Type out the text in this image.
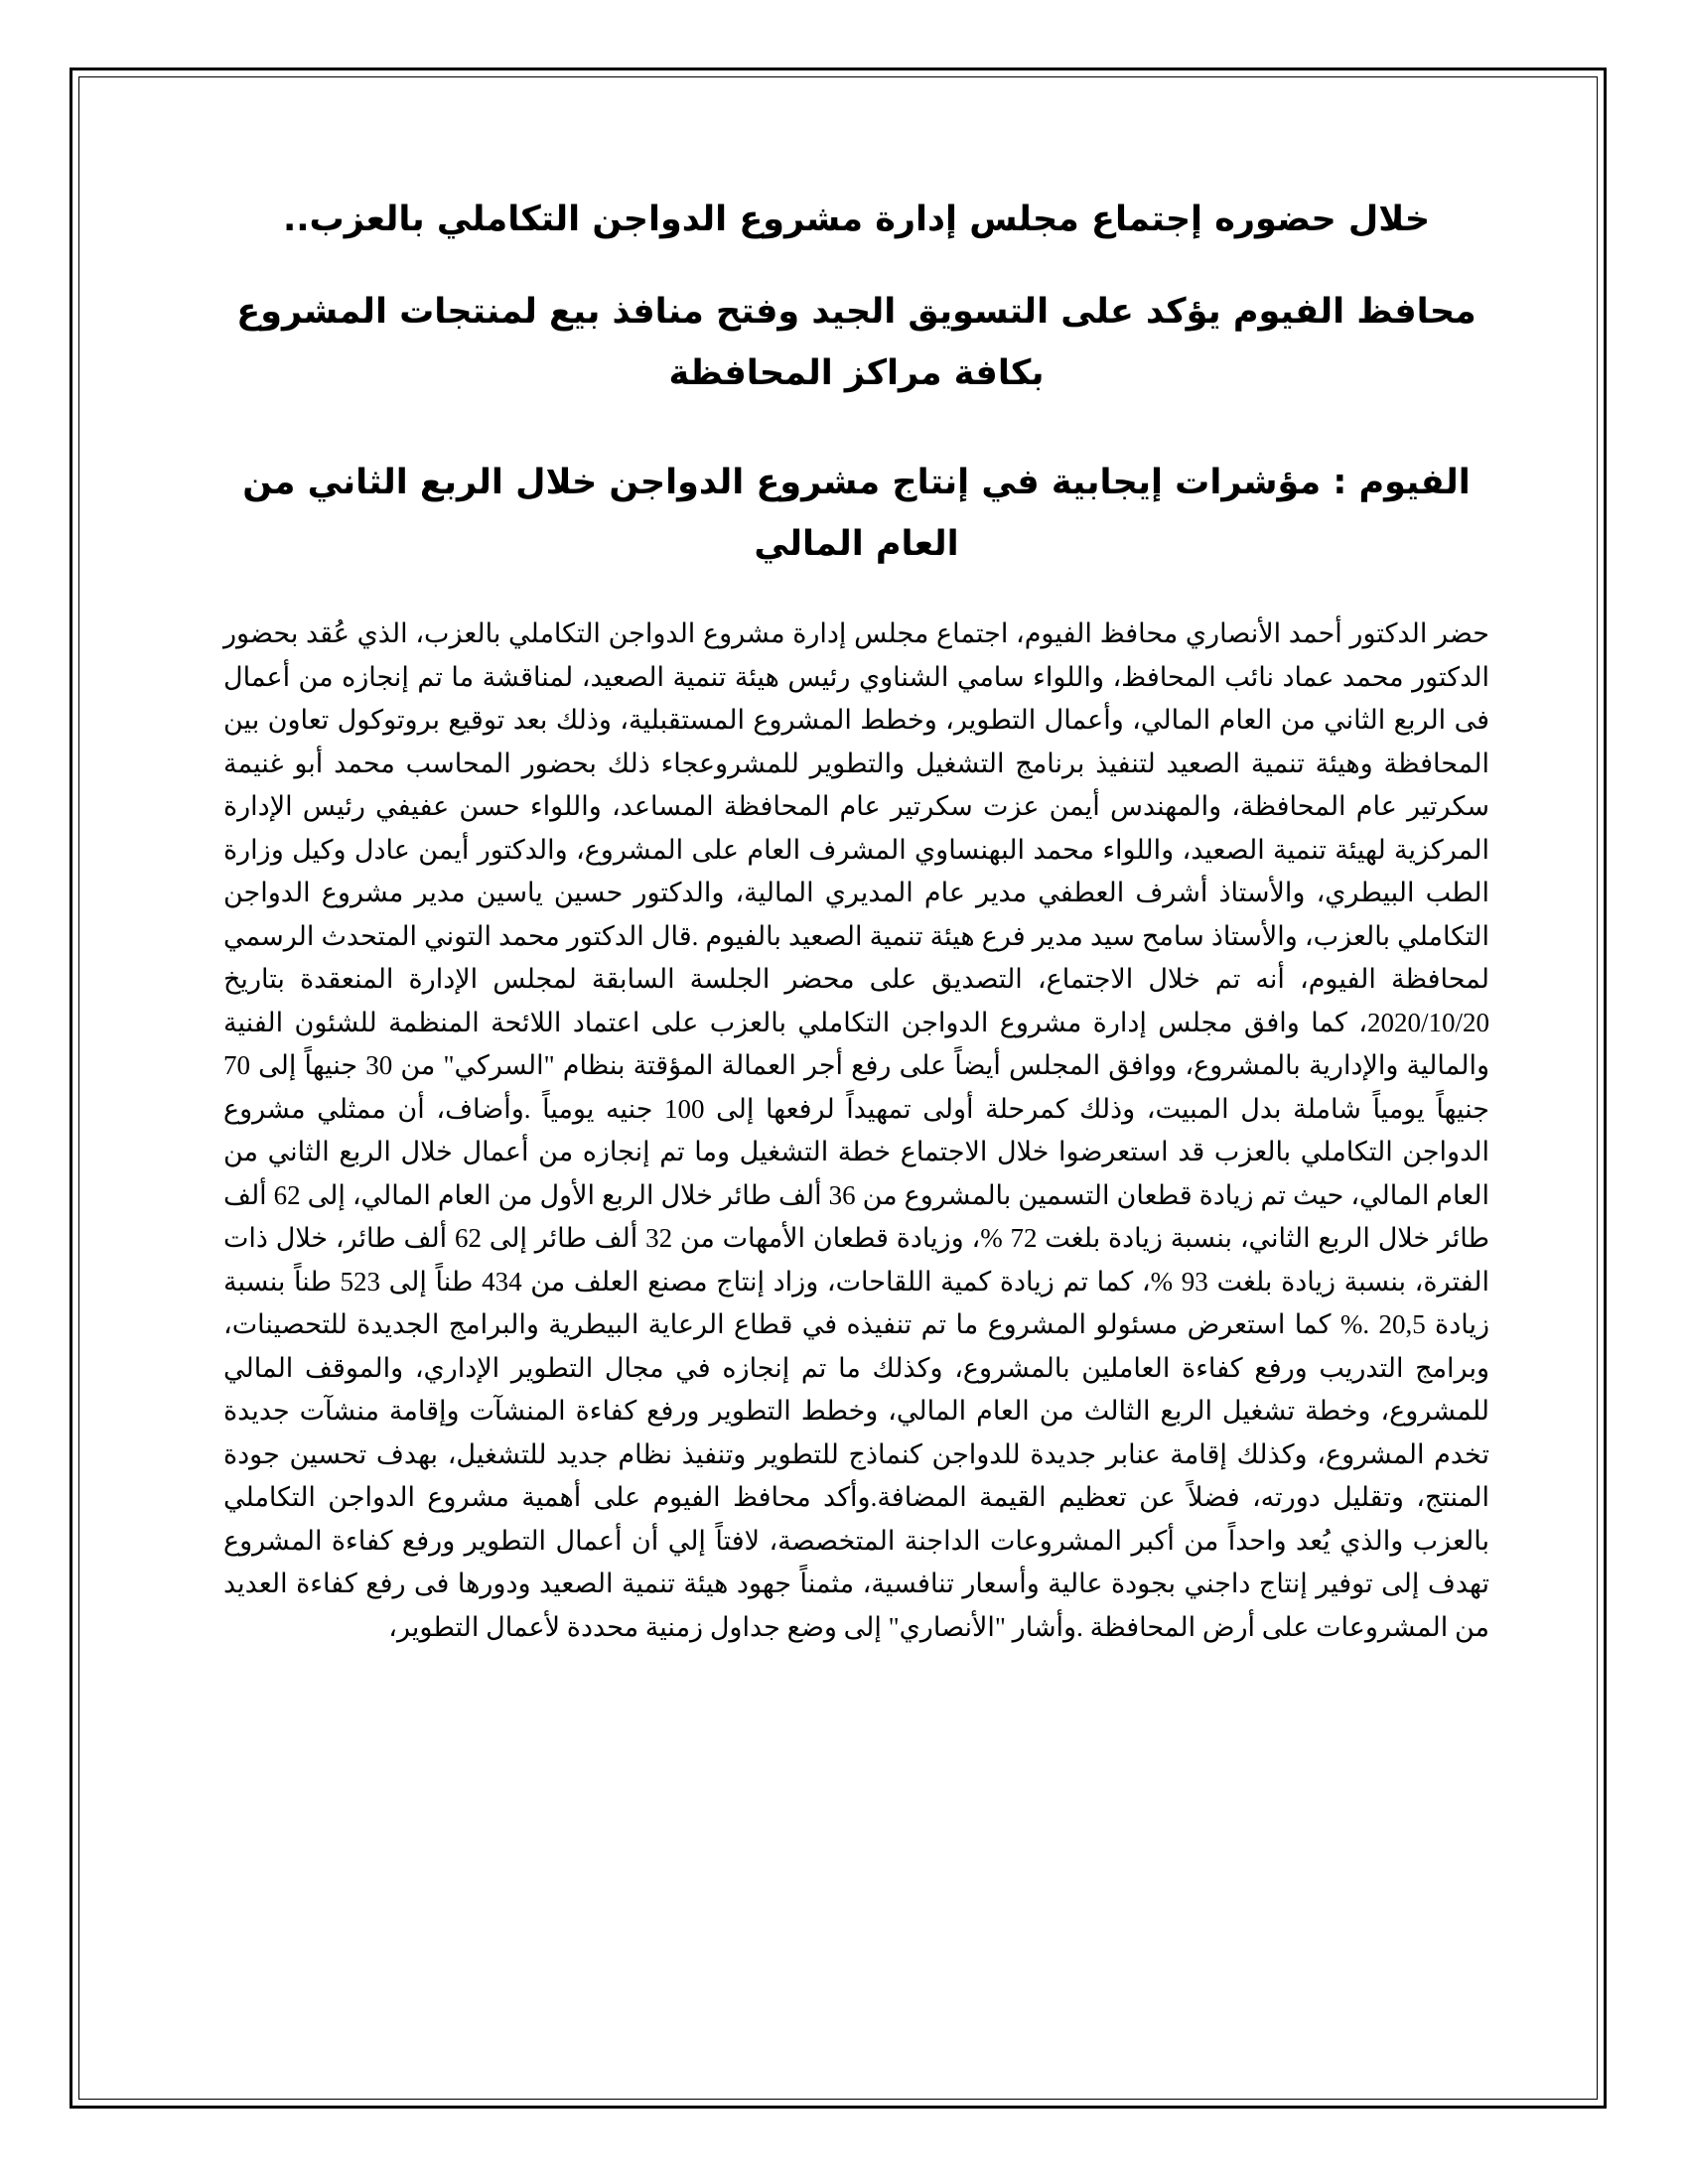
خلال حضوره إجتماع مجلس إدارة مشروع الدواجن التكاملي بالعزب..
محافظ الفيوم يؤكد على التسويق الجيد وفتح منافذ بيع لمنتجات المشروع بكافة مراكز المحافظة
الفيوم : مؤشرات إيجابية في إنتاج مشروع الدواجن خلال الربع الثاني من العام المالي

حضر الدكتور أحمد الأنصاري محافظ الفيوم، اجتماع مجلس إدارة مشروع الدواجن التكاملي بالعزب، الذي عُقد بحضور الدكتور محمد عماد نائب المحافظ، واللواء سامي الشناوي رئيس هيئة تنمية الصعيد، لمناقشة ما تم إنجازه من أعمال فى الربع الثاني من العام المالي، وأعمال التطوير، وخطط المشروع المستقبلية، وذلك بعد توقيع بروتوكول تعاون بين المحافظة وهيئة تنمية الصعيد لتنفيذ برنامج التشغيل والتطوير للمشروعجاء ذلك بحضور المحاسب محمد أبو غنيمة سكرتير عام المحافظة، والمهندس أيمن عزت سكرتير عام المحافظة المساعد، واللواء حسن عفيفي رئيس الإدارة المركزية لهيئة تنمية الصعيد، واللواء محمد البهنساوي المشرف العام على المشروع، والدكتور أيمن عادل وكيل وزارة الطب البيطري، والأستاذ أشرف العطفي مدير عام المديري المالية، والدكتور حسين ياسين مدير مشروع الدواجن التكاملي بالعزب، والأستاذ سامح سيد مدير فرع هيئة تنمية الصعيد بالفيوم .قال الدكتور محمد التوني المتحدث الرسمي لمحافظة الفيوم، أنه تم خلال الاجتماع، التصديق على محضر الجلسة السابقة لمجلس الإدارة المنعقدة بتاريخ 2020/10/20، كما وافق مجلس إدارة مشروع الدواجن التكاملي بالعزب على اعتماد اللائحة المنظمة للشئون الفنية والمالية والإدارية بالمشروع، ووافق المجلس أيضاً على رفع أجر العمالة المؤقتة بنظام "السركي" من 30 جنيهاً إلى 70 جنيهاً يومياً شاملة بدل المبيت، وذلك كمرحلة أولى تمهيداً لرفعها إلى 100 جنيه يومياً .وأضاف، أن ممثلي مشروع الدواجن التكاملي بالعزب قد استعرضوا خلال الاجتماع خطة التشغيل وما تم إنجازه من أعمال خلال الربع الثاني من العام المالي، حيث تم زيادة قطعان التسمين بالمشروع من 36 ألف طائر خلال الربع الأول من العام المالي، إلى 62 ألف طائر خلال الربع الثاني، بنسبة زيادة بلغت 72 %، وزيادة قطعان الأمهات من 32 ألف طائر إلى 62 ألف طائر، خلال ذات الفترة، بنسبة زيادة بلغت 93 %، كما تم زيادة كمية اللقاحات، وزاد إنتاج مصنع العلف من 434 طناً إلى 523 طناً بنسبة زيادة 20,5 .% كما استعرض مسئولو المشروع ما تم تنفيذه في قطاع الرعاية البيطرية والبرامج الجديدة للتحصينات، وبرامج التدريب ورفع كفاءة العاملين بالمشروع، وكذلك ما تم إنجازه في مجال التطوير الإداري، والموقف المالي للمشروع، وخطة تشغيل الربع الثالث من العام المالي، وخطط التطوير ورفع كفاءة المنشآت وإقامة منشآت جديدة تخدم المشروع، وكذلك إقامة عنابر جديدة للدواجن كنماذج للتطوير وتنفيذ نظام جديد للتشغيل، بهدف تحسين جودة المنتج، وتقليل دورته، فضلاً عن تعظيم القيمة المضافة.وأكد محافظ الفيوم على أهمية مشروع الدواجن التكاملي بالعزب والذي يُعد واحداً من أكبر المشروعات الداجنة المتخصصة، لافتاً إلي أن أعمال التطوير ورفع كفاءة المشروع تهدف إلى توفير إنتاج داجني بجودة عالية وأسعار تنافسية، مثمناً جهود هيئة تنمية الصعيد ودورها فى رفع كفاءة العديد من المشروعات على أرض المحافظة .وأشار "الأنصاري" إلى وضع جداول زمنية محددة لأعمال التطوير،
